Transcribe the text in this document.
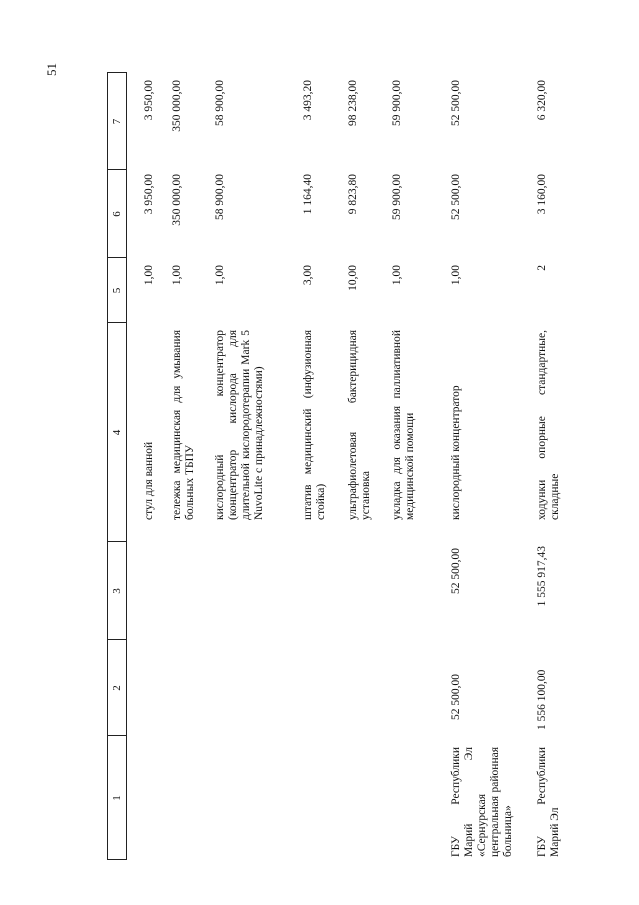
51
1
2
3
4
5
6
7
стул для ванной
1,00
3 950,00
3 950,00
тележка медицинская для умывания больных ТБПУ
1,00
350 000,00
350 000,00
кислородный концентратор (концентратор кислорода для длительной кислородотерапии Mark 5 NuvoLite с принадлежностями)
1,00
58 900,00
58 900,00
штатив медицинский (инфузионная стойка)
3,00
1 164,40
3 493,20
ультрафиолетовая бактерицидная установка
10,00
9 823,80
98 238,00
укладка для оказания паллиативной медицинской помощи
1,00
59 900,00
59 900,00
ГБУ Республики Марий Эл «Сернурская центральная районная больница»
52 500,00
52 500,00
кислородный концентратор
1,00
52 500,00
52 500,00
ГБУ Республики Марий Эл
1 556 100,00
1 555 917,43
ходунки опорные стандартные, складные
2
3 160,00
6 320,00
